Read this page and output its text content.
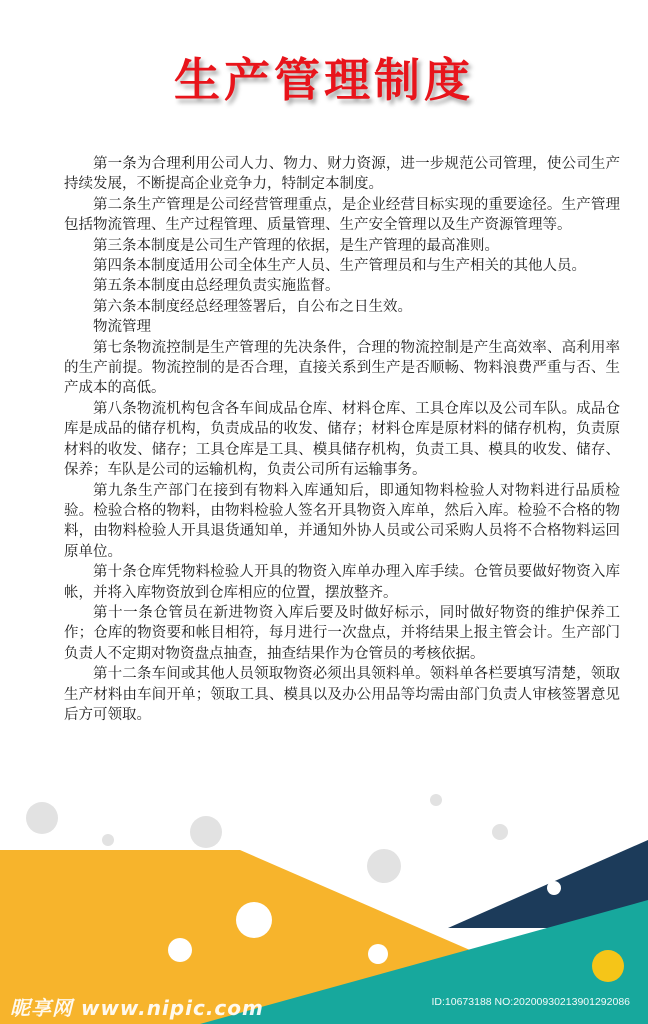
生产管理制度

第一条为合理利用公司人力、物力、财力资源，进一步规范公司管理，使公司生产持续发展，不断提高企业竞争力，特制定本制度。

第二条生产管理是公司经营管理重点，是企业经营目标实现的重要途径。生产管理包括物流管理、生产过程管理、质量管理、生产安全管理以及生产资源管理等。

第三条本制度是公司生产管理的依据，是生产管理的最高准则。

第四条本制度适用公司全体生产人员、生产管理员和与生产相关的其他人员。

第五条本制度由总经理负责实施监督。

第六条本制度经总经理签署后，自公布之日生效。

物流管理

第七条物流控制是生产管理的先决条件，合理的物流控制是产生高效率、高利用率的生产前提。物流控制的是否合理，直接关系到生产是否顺畅、物料浪费严重与否、生产成本的高低。

第八条物流机构包含各车间成品仓库、材料仓库、工具仓库以及公司车队。成品仓库是成品的储存机构，负责成品的收发、储存；材料仓库是原材料的储存机构，负责原材料的收发、储存；工具仓库是工具、模具储存机构，负责工具、模具的收发、储存、保养；车队是公司的运输机构，负责公司所有运输事务。

第九条生产部门在接到有物料入库通知后，即通知物料检验人对物料进行品质检验。检验合格的物料，由物料检验人签名开具物资入库单，然后入库。检验不合格的物料，由物料检验人开具退货通知单，并通知外协人员或公司采购人员将不合格物料运回原单位。

第十条仓库凭物料检验人开具的物资入库单办理入库手续。仓管员要做好物资入库帐，并将入库物资放到仓库相应的位置，摆放整齐。

第十一条仓管员在新进物资入库后要及时做好标示，同时做好物资的维护保养工作；仓库的物资要和帐目相符，每月进行一次盘点，并将结果上报主管会计。生产部门负责人不定期对物资盘点抽查，抽查结果作为仓管员的考核依据。

第十二条车间或其他人员领取物资必须出具领料单。领料单各栏要填写清楚，领取生产材料由车间开单；领取工具、模具以及办公用品等均需由部门负责人审核签署意见后方可领取。

昵享网 www.nipic.com	ID:10673188 NO:20200930213901292086
